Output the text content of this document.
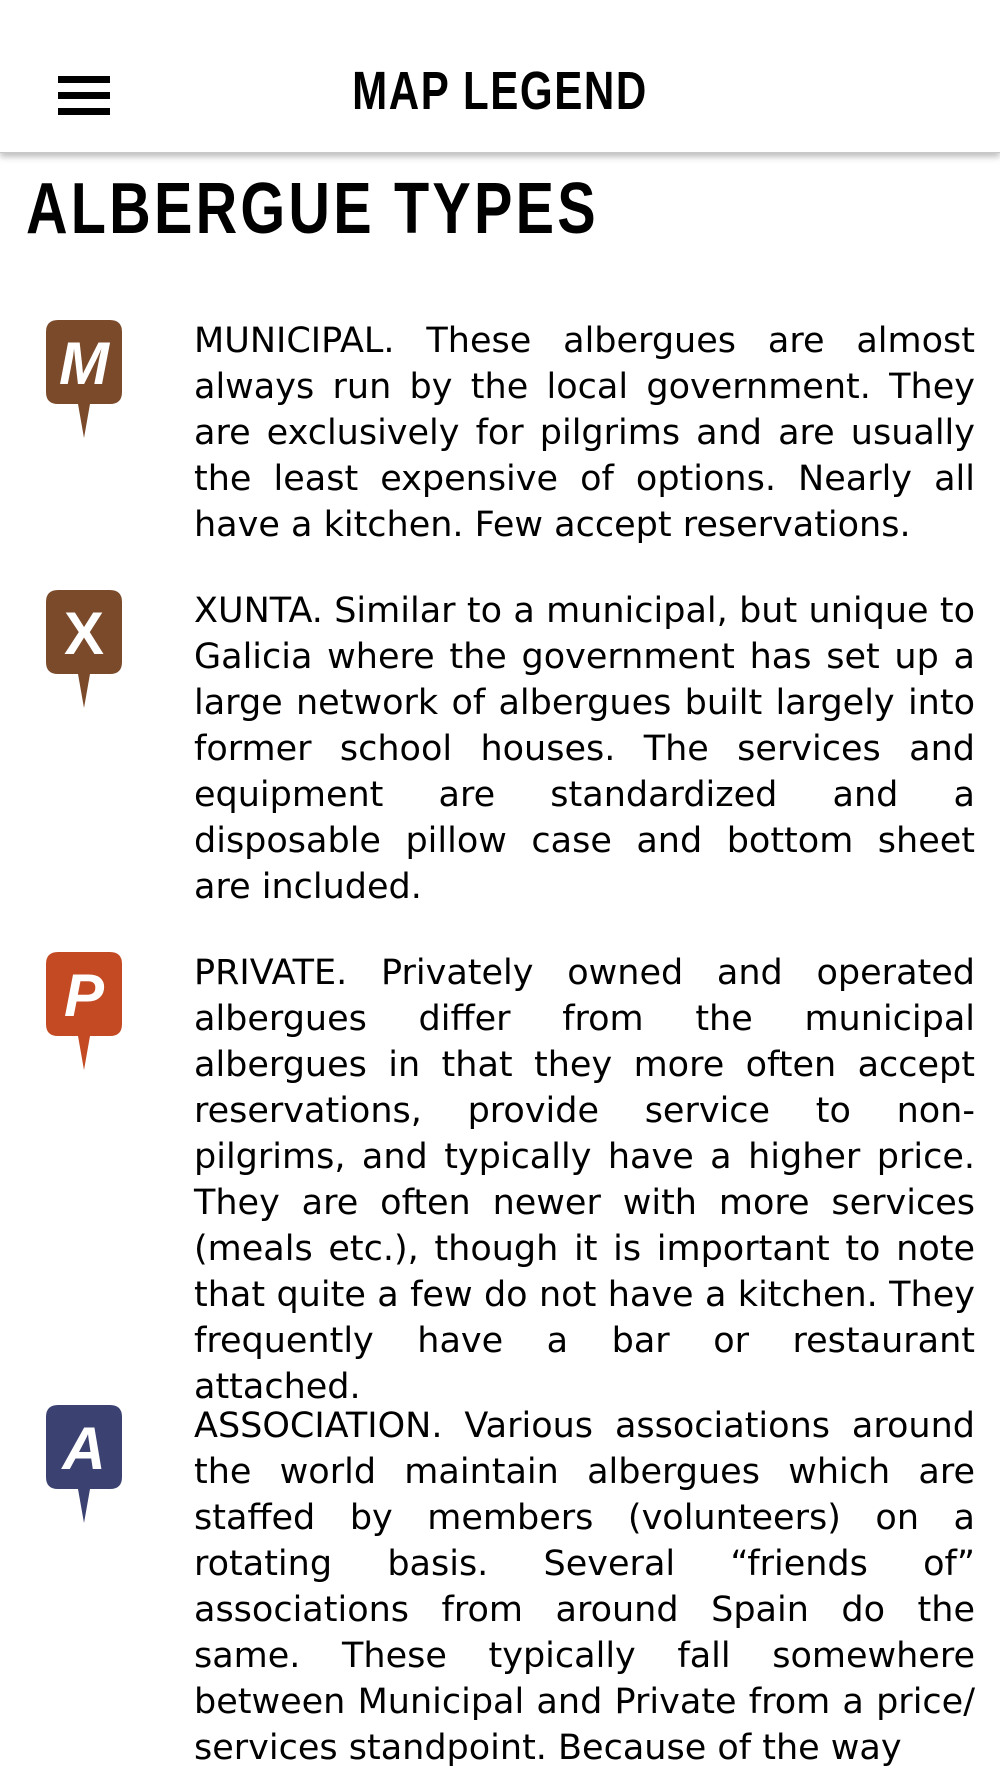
MAP LEGEND
ALBERGUE TYPES
M MUNICIPAL. These albergues are almost always run by the local government. They are exclusively for pilgrims and are usually the least expensive of options. Nearly all have a kitchen. Few accept reservations.

X	XUNTA. Similar to a municipal, but unique to Galicia where the government has set up a large network of albergues built largely into former school houses. The services and equipment are standardized and a disposable pillow case and bottom sheet are included.

P	PRIVATE. Privately owned and operated albergues differ from the municipal albergues in that they more often accept reservations, provide service to non-pilgrims, and typically have a higher price. They are often newer with more services (meals etc.), though it is important to note that quite a few do not have a kitchen. They frequently have a bar or restaurant attached.

A	ASSOCIATION. Various associations around the world maintain albergues which are staffed by members (volunteers) on a rotating basis. Several “friends of” associations from around Spain do the same. These typically fall somewhere between Municipal and Private from a price/ services standpoint. Because of the way
